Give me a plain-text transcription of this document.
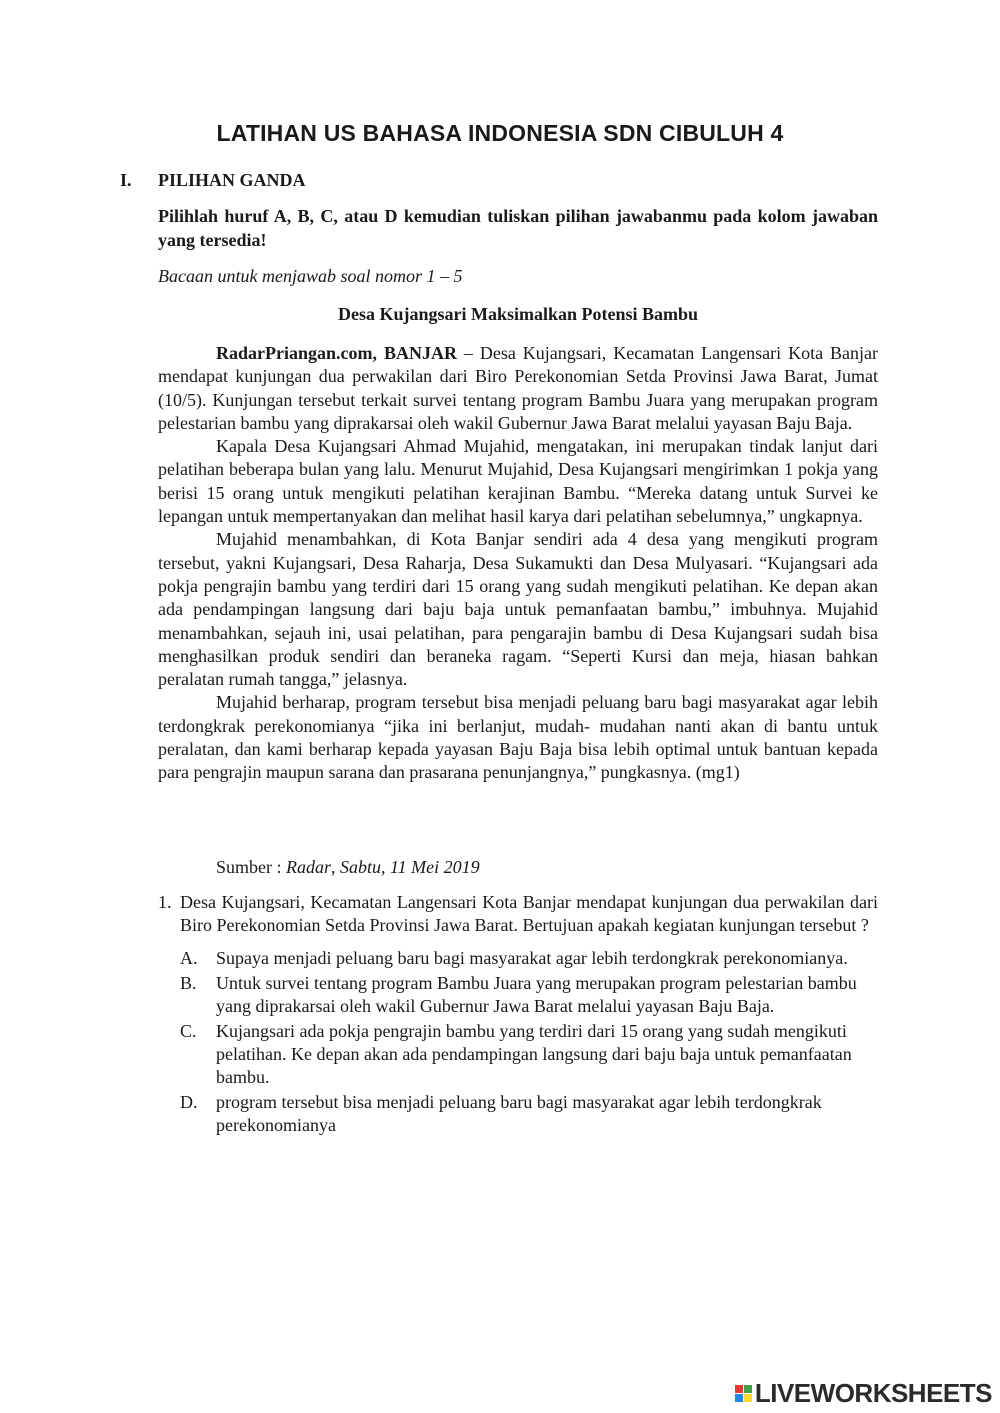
LATIHAN US BAHASA INDONESIA SDN CIBULUH 4
I. PILIHAN GANDA
Pilihlah huruf A, B, C, atau D kemudian tuliskan pilihan jawabanmu pada kolom jawaban yang tersedia!
Bacaan untuk menjawab soal nomor 1 – 5
Desa Kujangsari Maksimalkan Potensi Bambu

RadarPriangan.com, BANJAR – Desa Kujangsari, Kecamatan Langensari Kota Banjar mendapat kunjungan dua perwakilan dari Biro Perekonomian Setda Provinsi Jawa Barat, Jumat (10/5). Kunjungan tersebut terkait survei tentang program Bambu Juara yang merupakan program pelestarian bambu yang diprakarsai oleh wakil Gubernur Jawa Barat melalui yayasan Baju Baja.

Kapala Desa Kujangsari Ahmad Mujahid, mengatakan, ini merupakan tindak lanjut dari pelatihan beberapa bulan yang lalu. Menurut Mujahid, Desa Kujangsari mengirimkan 1 pokja yang berisi 15 orang untuk mengikuti pelatihan kerajinan Bambu. “Mereka datang untuk Survei ke lepangan untuk mempertanyakan dan melihat hasil karya dari pelatihan sebelumnya,” ungkapnya.

Mujahid menambahkan, di Kota Banjar sendiri ada 4 desa yang mengikuti program tersebut, yakni Kujangsari, Desa Raharja, Desa Sukamukti dan Desa Mulyasari. “Kujangsari ada pokja pengrajin bambu yang terdiri dari 15 orang yang sudah mengikuti pelatihan. Ke depan akan ada pendampingan langsung dari baju baja untuk pemanfaatan bambu,” imbuhnya. Mujahid menambahkan, sejauh ini, usai pelatihan, para pengarajin bambu di Desa Kujangsari sudah bisa menghasilkan produk sendiri dan beraneka ragam. “Seperti Kursi dan meja, hiasan bahkan peralatan rumah tangga,” jelasnya.

Mujahid berharap, program tersebut bisa menjadi peluang baru bagi masyarakat agar lebih terdongkrak perekonomianya “jika ini berlanjut, mudah- mudahan nanti akan di bantu untuk peralatan, dan kami berharap kepada yayasan Baju Baja bisa lebih optimal untuk bantuan kepada para pengrajin maupun sarana dan prasarana penunjangnya,” pungkasnya. (mg1)

Sumber : Radar, Sabtu, 11 Mei 2019
1. Desa Kujangsari, Kecamatan Langensari Kota Banjar mendapat kunjungan dua perwakilan dari Biro Perekonomian Setda Provinsi Jawa Barat. Bertujuan apakah kegiatan kunjungan tersebut ?
A.	Supaya menjadi peluang baru bagi masyarakat agar lebih terdongkrak perekonomianya.
B.	Untuk survei tentang program Bambu Juara yang merupakan program pelestarian bambu yang diprakarsai oleh wakil Gubernur Jawa Barat melalui yayasan Baju Baja.
C.	Kujangsari ada pokja pengrajin bambu yang terdiri dari 15 orang yang sudah mengikuti pelatihan. Ke depan akan ada pendampingan langsung dari baju baja untuk pemanfaatan bambu.
D.	program tersebut bisa menjadi peluang baru bagi masyarakat agar lebih terdongkrak perekonomianya
LIVEWORKSHEETS
